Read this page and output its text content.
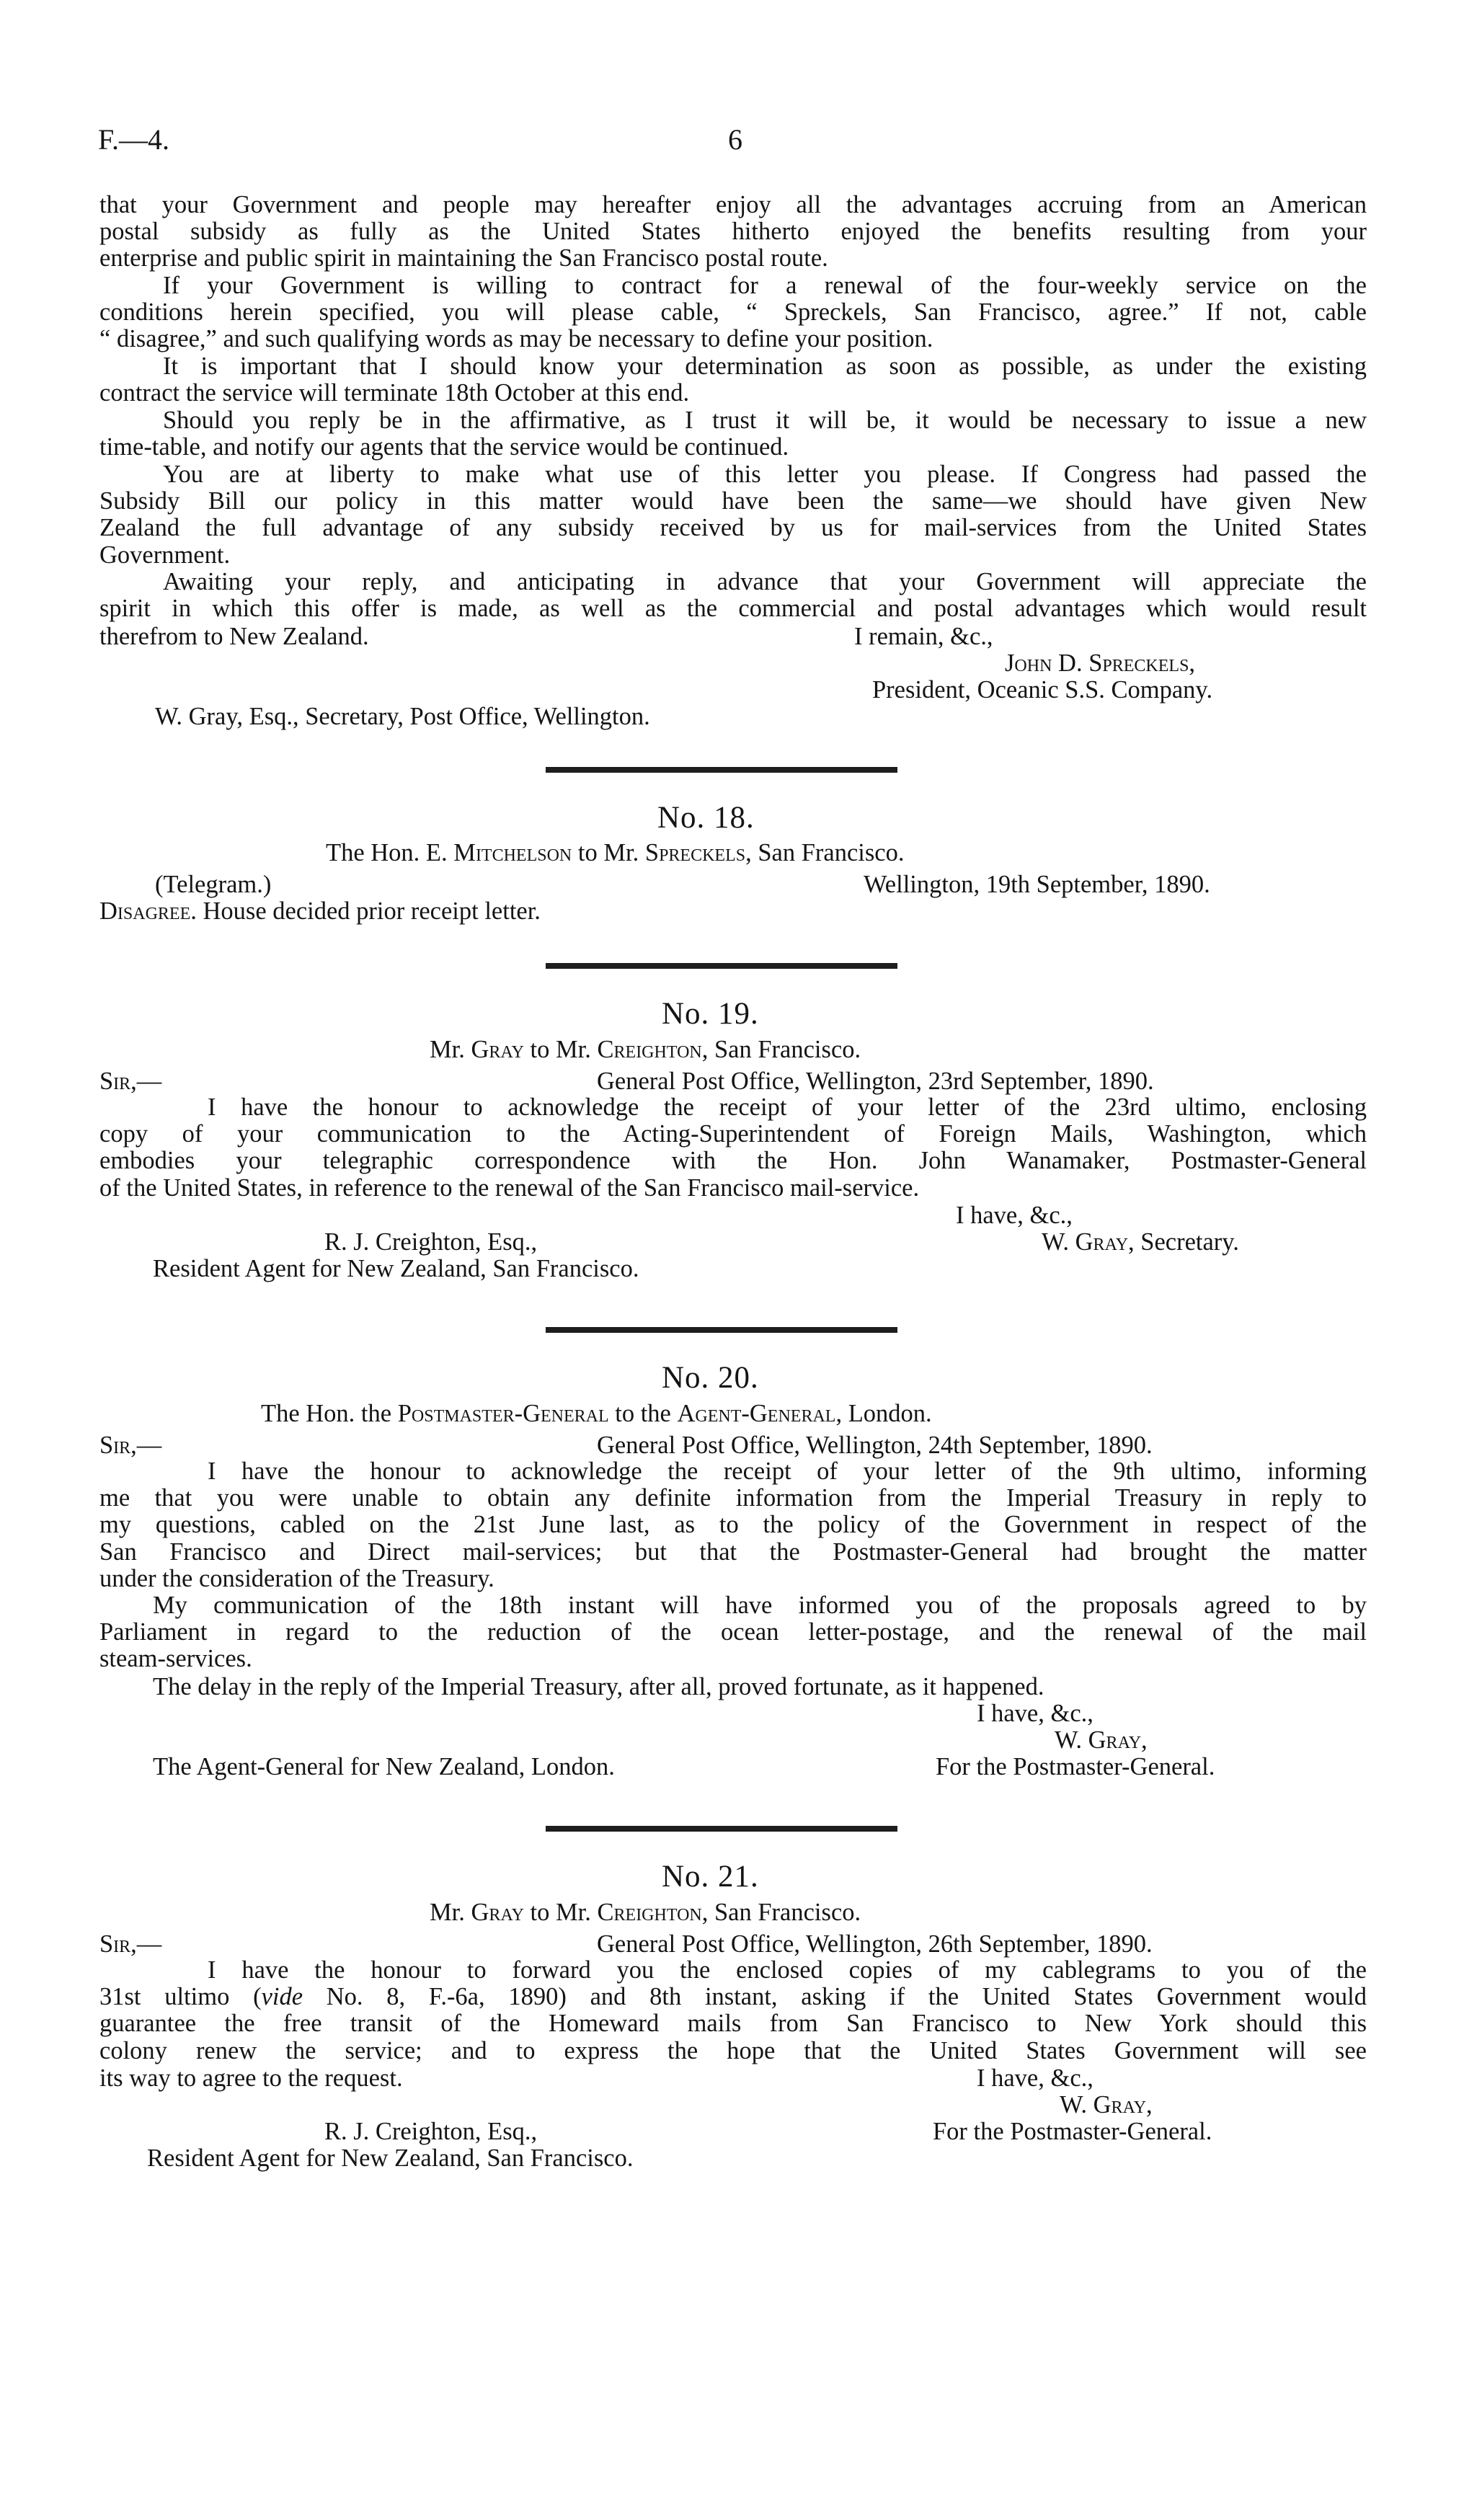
F.—4.	6
that your Government and people may hereafter enjoy all the advantages accruing from an American
postal subsidy as fully as the United States hitherto enjoyed the benefits resulting from your
enterprise and public spirit in maintaining the San Francisco postal route.
If your Government is willing to contract for a renewal of the four-weekly service on the
conditions herein specified, you will please cable, “ Spreckels, San Francisco, agree.” If not, cable
“ disagree,” and such qualifying words as may be necessary to define your position.
It is important that I should know your determination as soon as possible, as under the existing
contract the service will terminate 18th October at this end.
Should you reply be in the affirmative, as I trust it will be, it would be necessary to issue a new
time-table, and notify our agents that the service would be continued.
You are at liberty to make what use of this letter you please. If Congress had passed the
Subsidy Bill our policy in this matter would have been the same—we should have given New
Zealand the full advantage of any subsidy received by us for mail-services from the United States
Government.
Awaiting your reply, and anticipating in advance that your Government will appreciate the
spirit in which this offer is made, as well as the commercial and postal advantages which would result
therefrom to New Zealand.	I remain, &c.,
John D. Spreckels,
President, Oceanic S.S. Company.
W. Gray, Esq., Secretary, Post Office, Wellington.
No. 18.
The Hon. E. Mitchelson to Mr. Spreckels, San Francisco.
(Telegram.)	Wellington, 19th September, 1890.
Disagree. House decided prior receipt letter.
No. 19.
Mr. Gray to Mr. Creighton, San Francisco.
Sir,—	General Post Office, Wellington, 23rd September, 1890.
I have the honour to acknowledge the receipt of your letter of the 23rd ultimo, enclosing
copy of your communication to the Acting-Superintendent of Foreign Mails, Washington, which
embodies your telegraphic correspondence with the Hon. John Wanamaker, Postmaster-General
of the United States, in reference to the renewal of the San Francisco mail-service.
I have, &c.,
R. J. Creighton, Esq.,	W. Gray, Secretary.
Resident Agent for New Zealand, San Francisco.
No. 20.
The Hon. the Postmaster-General to the Agent-General, London.
Sir,—	General Post Office, Wellington, 24th September, 1890.
I have the honour to acknowledge the receipt of your letter of the 9th ultimo, informing
me that you were unable to obtain any definite information from the Imperial Treasury in reply to
my questions, cabled on the 21st June last, as to the policy of the Government in respect of the
San Francisco and Direct mail-services; but that the Postmaster-General had brought the matter
under the consideration of the Treasury.
My communication of the 18th instant will have informed you of the proposals agreed to by
Parliament in regard to the reduction of the ocean letter-postage, and the renewal of the mail
steam-services.
The delay in the reply of the Imperial Treasury, after all, proved fortunate, as it happened.
I have, &c.,
W. Gray,
The Agent-General for New Zealand, London.	For the Postmaster-General.
No. 21.
Mr. Gray to Mr. Creighton, San Francisco.
Sir,—	General Post Office, Wellington, 26th September, 1890.
I have the honour to forward you the enclosed copies of my cablegrams to you of the
31st ultimo (vide No. 8, F.-6a, 1890) and 8th instant, asking if the United States Government would
guarantee the free transit of the Homeward mails from San Francisco to New York should this
colony renew the service; and to express the hope that the United States Government will see
its way to agree to the request.	I have, &c.,
W. Gray,
R. J. Creighton, Esq.,	For the Postmaster-General.
Resident Agent for New Zealand, San Francisco.
